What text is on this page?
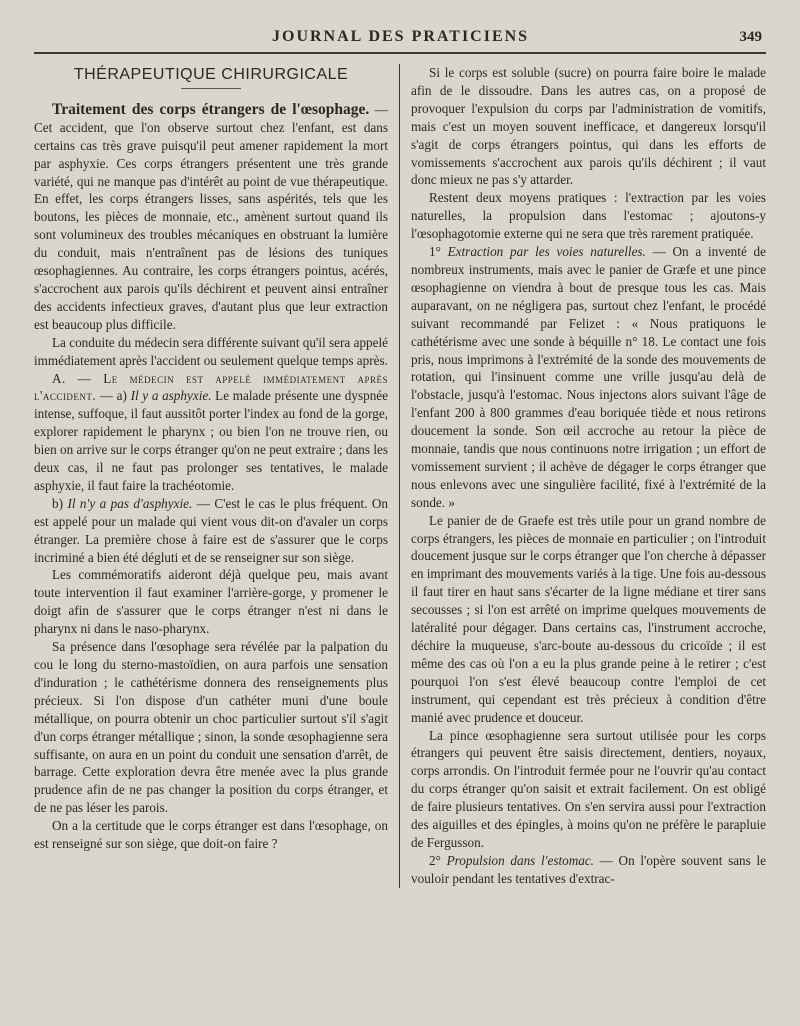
JOURNAL DES PRATICIENS	349
THÉRAPEUTIQUE CHIRURGICALE

Traitement des corps étrangers de l'œsophage. — Cet accident, que l'on observe surtout chez l'enfant, est dans certains cas très grave puisqu'il peut amener rapidement la mort par asphyxie. Ces corps étrangers présentent une très grande variété, qui ne manque pas d'intérêt au point de vue thérapeutique. En effet, les corps étrangers lisses, sans aspérités, tels que les boutons, les pièces de monnaie, etc., amènent surtout quand ils sont volumineux des troubles mécaniques en obstruant la lumière du conduit, mais n'entraînent pas de lésions des tuniques œsophagiennes. Au contraire, les corps étrangers pointus, acérés, s'accrochent aux parois qu'ils déchirent et peuvent ainsi entraîner des accidents infectieux graves, d'autant plus que leur extraction est beaucoup plus difficile.

La conduite du médecin sera différente suivant qu'il sera appelé immédiatement après l'accident ou seulement quelque temps après.

A. — Le médecin est appelé immédiatement après l'accident. — a) Il y a asphyxie. Le malade présente une dyspnée intense, suffoque, il faut aussitôt porter l'index au fond de la gorge, explorer rapidement le pharynx ; ou bien l'on ne trouve rien, ou bien on arrive sur le corps étranger qu'on ne peut extraire ; dans les deux cas, il ne faut pas prolonger ses tentatives, le malade asphyxie, il faut faire la trachéotomie.

b) Il n'y a pas d'asphyxie. — C'est le cas le plus fréquent. On est appelé pour un malade qui vient vous dit-on d'avaler un corps étranger. La première chose à faire est de s'assurer que le corps incriminé a bien été dégluti et de se renseigner sur son siège.

Les commémoratifs aideront déjà quelque peu, mais avant toute intervention il faut examiner l'arrière-gorge, y promener le doigt afin de s'assurer que le corps étranger n'est ni dans le pharynx ni dans le naso-pharynx.

Sa présence dans l'œsophage sera révélée par la palpation du cou le long du sterno-mastoïdien, on aura parfois une sensation d'induration ; le cathétérisme donnera des renseignements plus précieux. Si l'on dispose d'un cathéter muni d'une boule métallique, on pourra obtenir un choc particulier surtout s'il s'agit d'un corps étranger métallique ; sinon, la sonde œsophagienne sera suffisante, on aura en un point du conduit une sensation d'arrêt, de barrage. Cette exploration devra être menée avec la plus grande prudence afin de ne pas changer la position du corps étranger, et de ne pas léser les parois.

On a la certitude que le corps étranger est dans l'œsophage, on est renseigné sur son siège, que doit-on faire ?

Si le corps est soluble (sucre) on pourra faire boire le malade afin de le dissoudre. Dans les autres cas, on a proposé de provoquer l'expulsion du corps par l'administration de vomitifs, mais c'est un moyen souvent inefficace, et dangereux lorsqu'il s'agit de corps étrangers pointus, qui dans les efforts de vomissements s'accrochent aux parois qu'ils déchirent ; il vaut donc mieux ne pas s'y attarder.

Restent deux moyens pratiques : l'extraction par les voies naturelles, la propulsion dans l'estomac ; ajoutons-y l'œsophagotomie externe qui ne sera que très rarement pratiquée.

1° Extraction par les voies naturelles. — On a inventé de nombreux instruments, mais avec le panier de Græfe et une pince œsophagienne on viendra à bout de presque tous les cas. Mais auparavant, on ne négligera pas, surtout chez l'enfant, le procédé suivant recommandé par Felizet : « Nous pratiquons le cathétérisme avec une sonde à béquille n° 18. Le contact une fois pris, nous imprimons à l'extrémité de la sonde des mouvements de rotation, qui l'insinuent comme une vrille jusqu'au delà de l'obstacle, jusqu'à l'estomac. Nous injectons alors suivant l'âge de l'enfant 200 à 800 grammes d'eau boriquée tiède et nous retirons doucement la sonde. Son œil accroche au retour la pièce de monnaie, tandis que nous continuons notre irrigation ; un effort de vomissement survient ; il achève de dégager le corps étranger que nous enlevons avec une singulière facilité, fixé à l'extrémité de la sonde. »

Le panier de de Graefe est très utile pour un grand nombre de corps étrangers, les pièces de monnaie en particulier ; on l'introduit doucement jusque sur le corps étranger que l'on cherche à dépasser en imprimant des mouvements variés à la tige. Une fois au-dessous il faut tirer en haut sans s'écarter de la ligne médiane et tirer sans secousses ; si l'on est arrêté on imprime quelques mouvements de latéralité pour dégager. Dans certains cas, l'instrument accroche, déchire la muqueuse, s'arc-boute au-dessous du cricoïde ; il est même des cas où l'on a eu la plus grande peine à le retirer ; c'est pourquoi l'on s'est élevé beaucoup contre l'emploi de cet instrument, qui cependant est très précieux à condition d'être manié avec prudence et douceur.

La pince œsophagienne sera surtout utilisée pour les corps étrangers qui peuvent être saisis directement, dentiers, noyaux, corps arrondis. On l'introduit fermée pour ne l'ouvrir qu'au contact du corps étranger qu'on saisit et extrait facilement. On est obligé de faire plusieurs tentatives. On s'en servira aussi pour l'extraction des aiguilles et des épingles, à moins qu'on ne préfère le parapluie de Fergusson.

2° Propulsion dans l'estomac. — On l'opère souvent sans le vouloir pendant les tentatives d'extrac-
